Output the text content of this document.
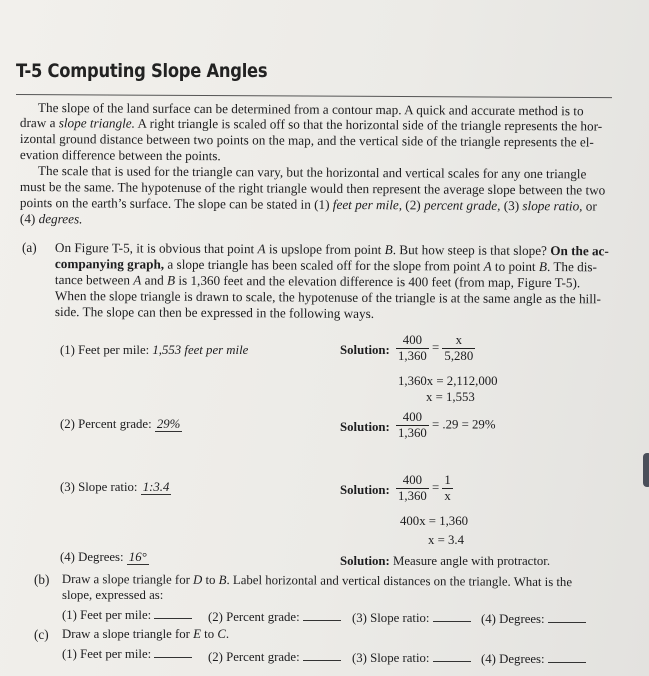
T-5 Computing Slope Angles
The slope of the land surface can be determined from a contour map. A quick and accurate method is to
draw a slope triangle. A right triangle is scaled off so that the horizontal side of the triangle represents the hor-
izontal ground distance between two points on the map, and the vertical side of the triangle represents the el-
evation difference between the points.
The scale that is used for the triangle can vary, but the horizontal and vertical scales for any one triangle
must be the same. The hypotenuse of the right triangle would then represent the average slope between the two
points on the earth’s surface. The slope can be stated in (1) feet per mile, (2) percent grade, (3) slope ratio, or
(4) degrees.
(a) On Figure T-5, it is obvious that point A is upslope from point B. But how steep is that slope? On the ac-
companying graph, a slope triangle has been scaled off for the slope from point A to point B. The dis-
tance between A and B is 1,360 feet and the elevation difference is 400 feet (from map, Figure T-5).
When the slope triangle is drawn to scale, the hypotenuse of the triangle is at the same angle as the hill-
side. The slope can then be expressed in the following ways.
(1) Feet per mile: 1,553 feet per mile	Solution: $\frac{400}{1,360} = \frac{x}{5,280}$
1,360x = 2,112,000
x = 1,553
(2) Percent grade: 29%	Solution: $\frac{400}{1,360} = .29 = 29\%$
(3) Slope ratio: 1:3.4	Solution: $\frac{400}{1,360} = \frac{1}{x}$
400x = 1,360
x = 3.4
(4) Degrees: 16°	Solution: Measure angle with protractor.
(b) Draw a slope triangle for D to B. Label horizontal and vertical distances on the triangle. What is the
slope, expressed as:
(1) Feet per mile:	(2) Percent grade:	(3) Slope ratio:	(4) Degrees:
(c) Draw a slope triangle for E to C.
(1) Feet per mile:	(2) Percent grade:	(3) Slope ratio:	(4) Degrees:
